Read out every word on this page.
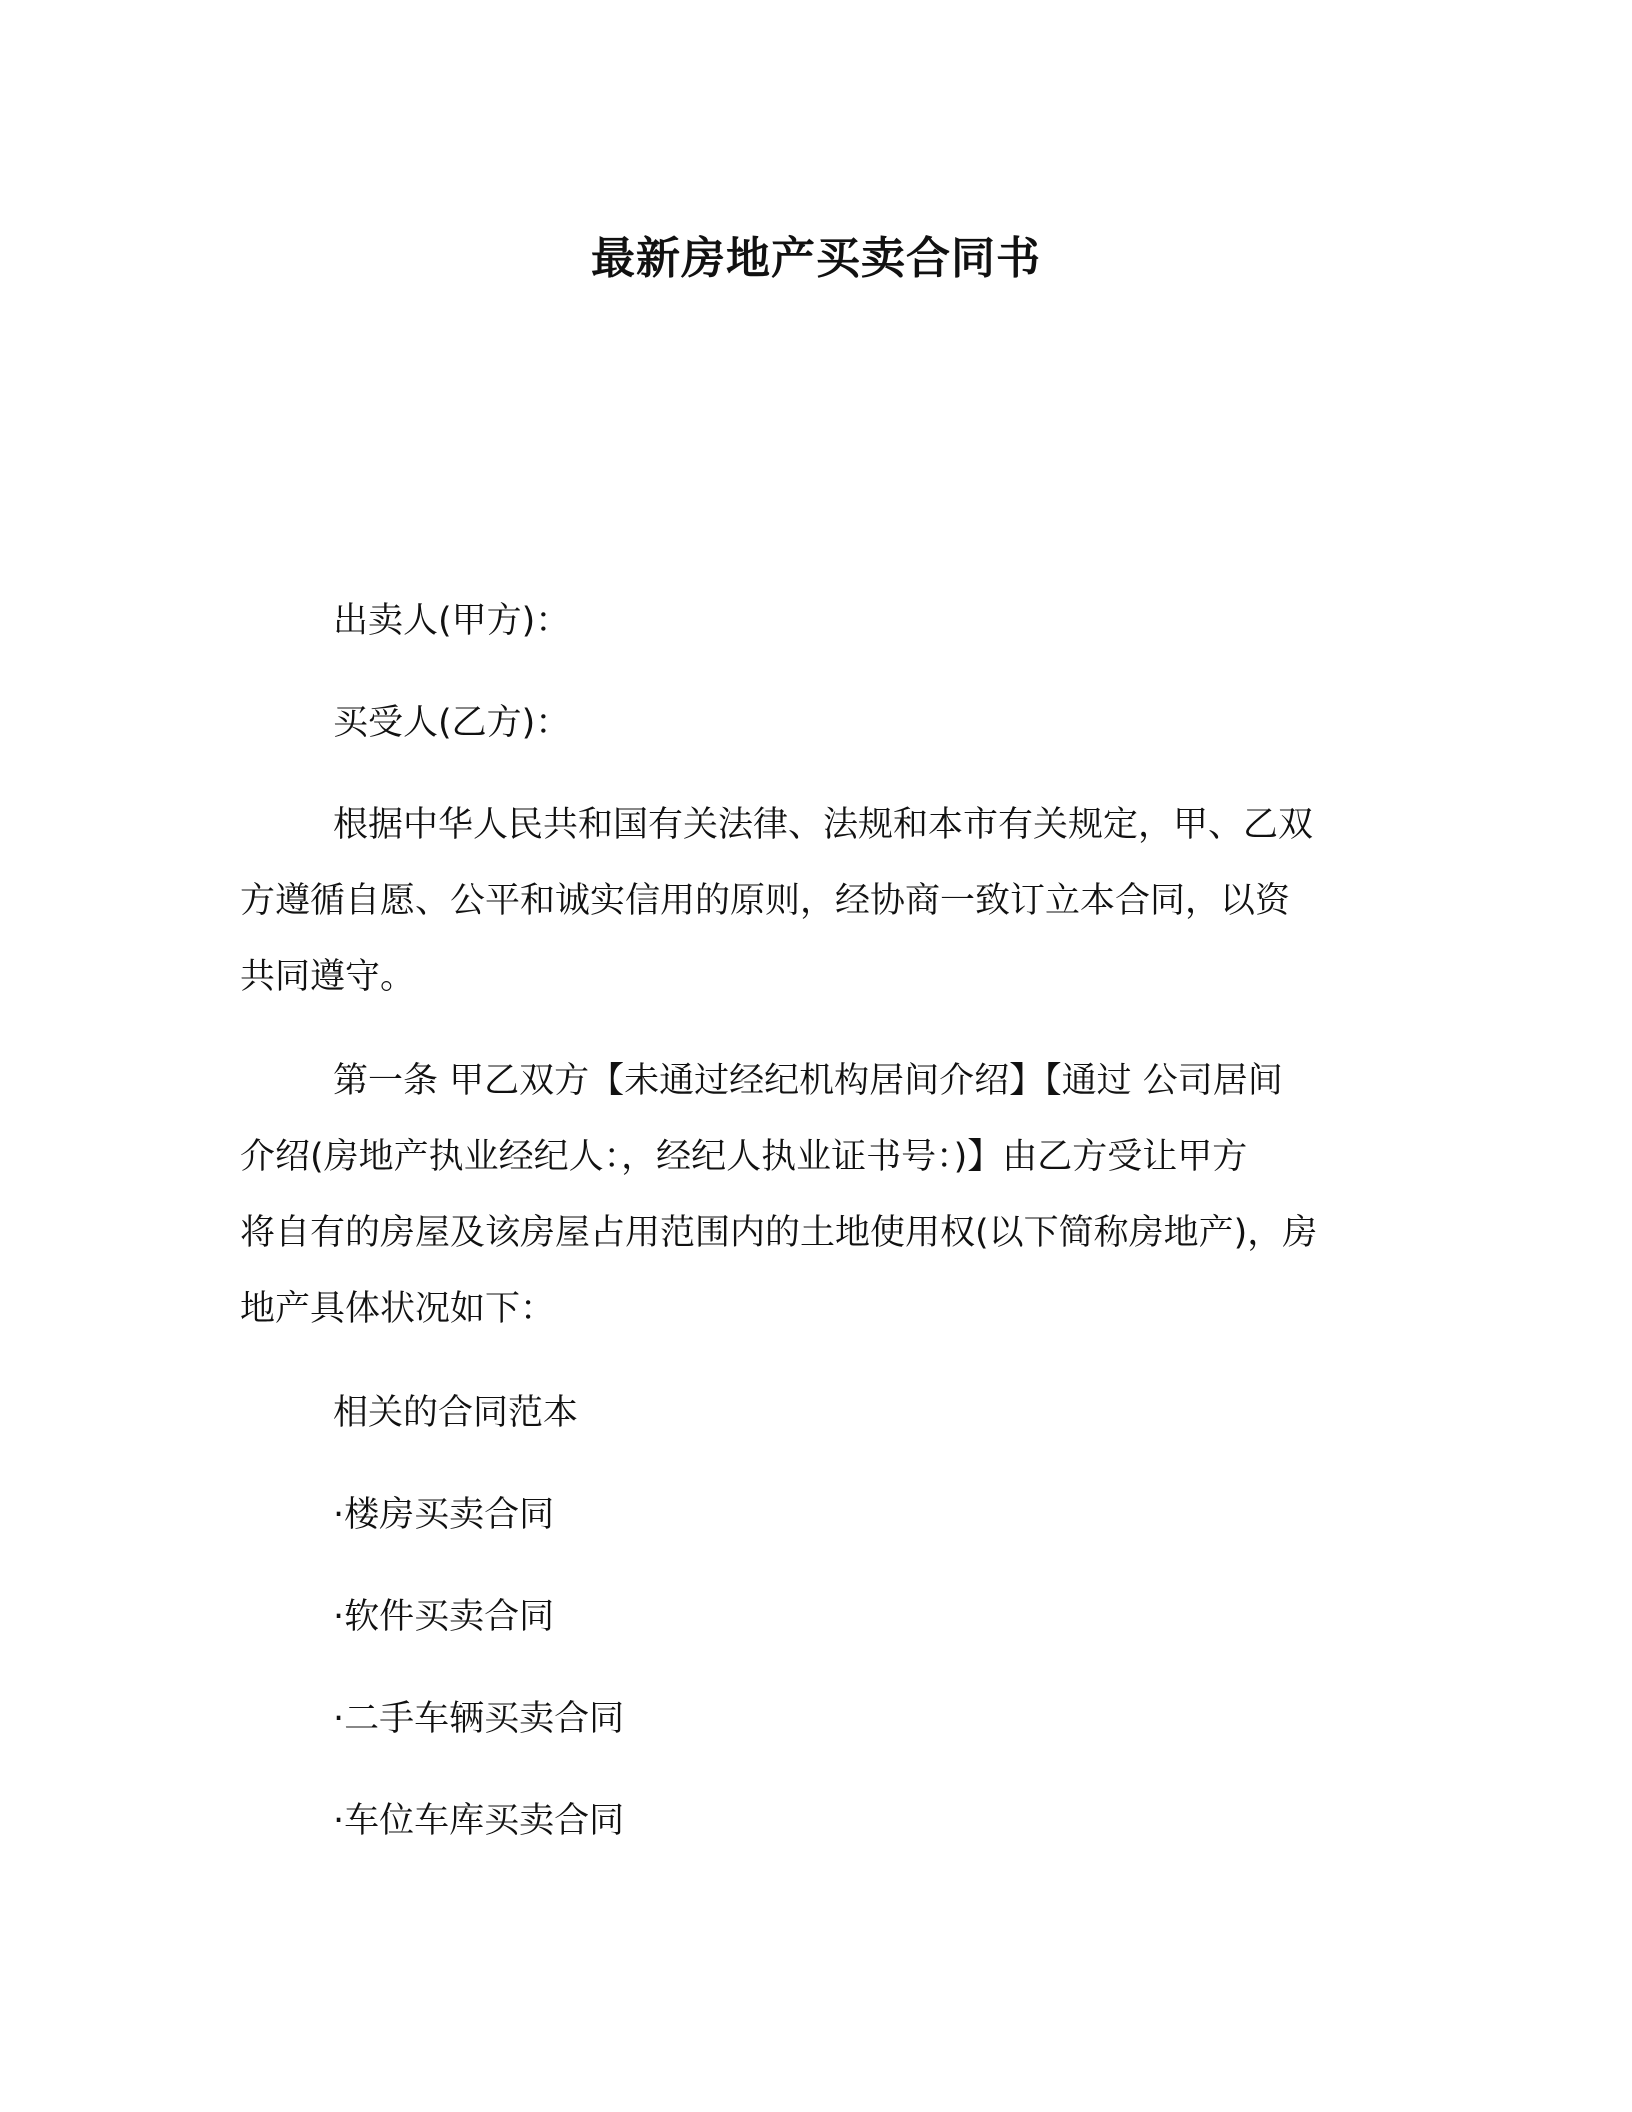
最新房地产买卖合同书

出卖人(甲方)：

买受人(乙方)：

根据中华人民共和国有关法律、法规和本市有关规定，甲、乙双

方遵循自愿、公平和诚实信用的原则，经协商一致订立本合同，以资

共同遵守。

第一条 甲乙双方【未通过经纪机构居间介绍】【通过 公司居间

介绍(房地产执业经纪人：，经纪人执业证书号：)】由乙方受让甲方

将自有的房屋及该房屋占用范围内的土地使用权(以下简称房地产)，房

地产具体状况如下：

相关的合同范本

·楼房买卖合同

·软件买卖合同

·二手车辆买卖合同

·车位车库买卖合同
